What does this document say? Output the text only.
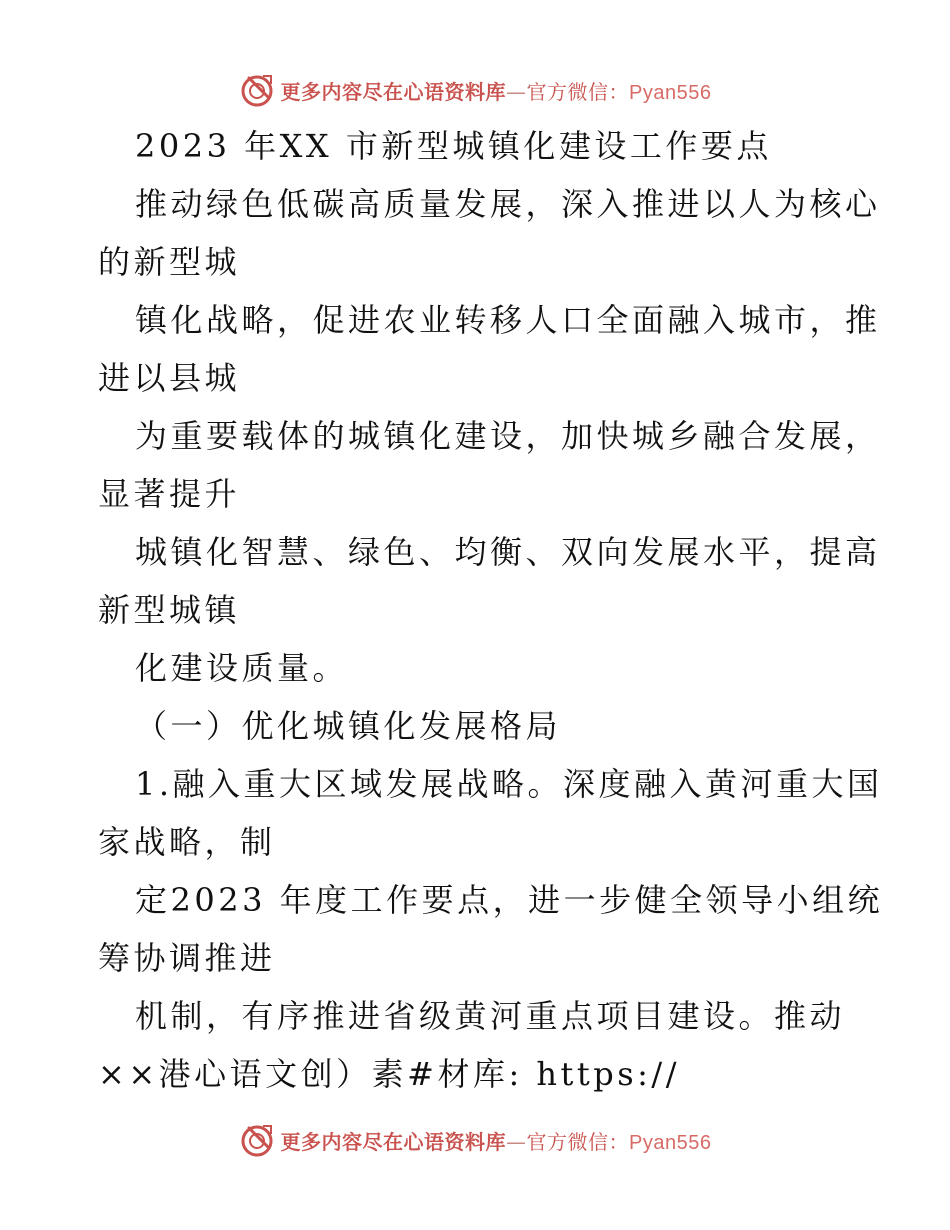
更多内容尽在心语资料库—官方微信：Pyan556
2023 年XX 市新型城镇化建设工作要点
推动绿色低碳高质量发展，深入推进以人为核心
的新型城
镇化战略，促进农业转移人口全面融入城市，推
进以县城
为重要载体的城镇化建设，加快城乡融合发展，
显著提升
城镇化智慧、绿色、均衡、双向发展水平，提高
新型城镇
化建设质量。
（一）优化城镇化发展格局
1.融入重大区域发展战略。深度融入黄河重大国
家战略，制
定2023 年度工作要点，进一步健全领导小组统
筹协调推进
机制，有序推进省级黄河重点项目建设。推动
××港心语文创）素#材库: https://
更多内容尽在心语资料库—官方微信：Pyan556
